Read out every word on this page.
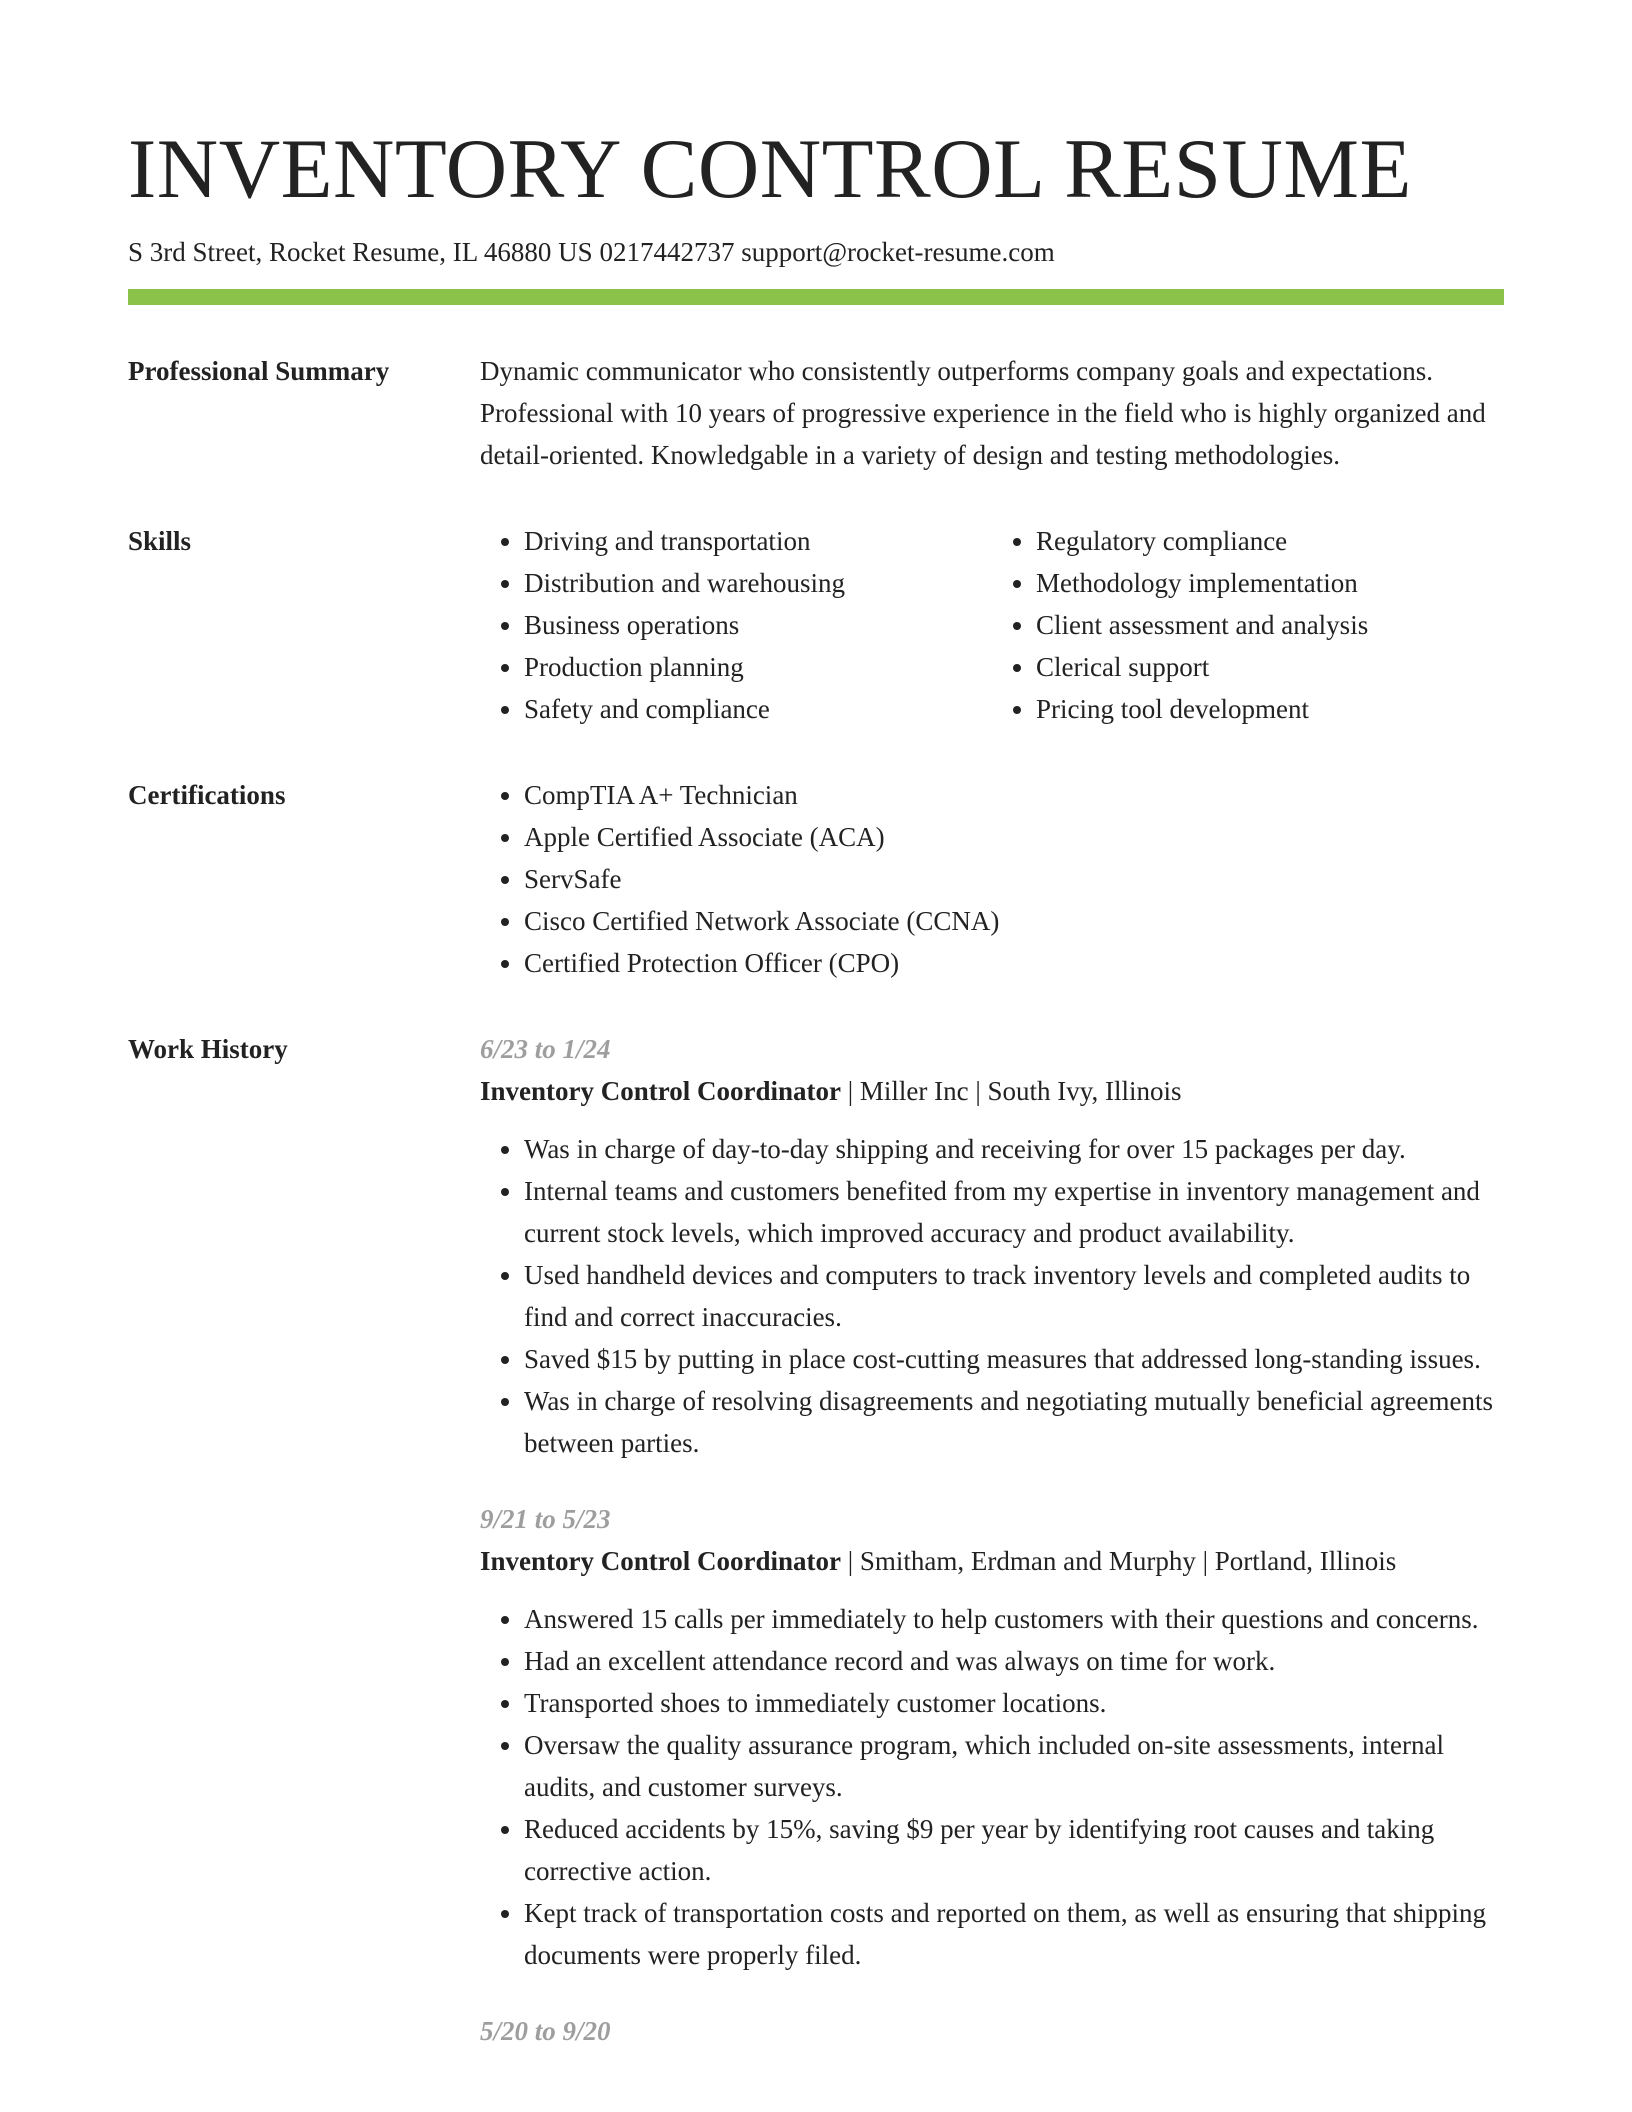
INVENTORY CONTROL RESUME
S 3rd Street, Rocket Resume, IL 46880 US 0217442737 support@rocket-resume.com
Professional Summary	Dynamic communicator who consistently outperforms company goals and expectations. Professional with 10 years of progressive experience in the field who is highly organized and detail-oriented. Knowledgable in a variety of design and testing methodologies.

Skills	• Driving and transportation
• Distribution and warehousing
• Business operations
• Production planning
• Safety and compliance
• Regulatory compliance
• Methodology implementation
• Client assessment and analysis
• Clerical support
• Pricing tool development
Certifications	• CompTIA A+ Technician
• Apple Certified Associate (ACA)
• ServSafe
• Cisco Certified Network Associate (CCNA)
• Certified Protection Officer (CPO)
Work History	6/23 to 1/24
Inventory Control Coordinator | Miller Inc | South Ivy, Illinois
• Was in charge of day-to-day shipping and receiving for over 15 packages per day.
• Internal teams and customers benefited from my expertise in inventory management and current stock levels, which improved accuracy and product availability.
• Used handheld devices and computers to track inventory levels and completed audits to find and correct inaccuracies.
• Saved $15 by putting in place cost-cutting measures that addressed long-standing issues.
• Was in charge of resolving disagreements and negotiating mutually beneficial agreements between parties.
9/21 to 5/23
Inventory Control Coordinator | Smitham, Erdman and Murphy | Portland, Illinois
• Answered 15 calls per immediately to help customers with their questions and concerns.
• Had an excellent attendance record and was always on time for work.
• Transported shoes to immediately customer locations.
• Oversaw the quality assurance program, which included on-site assessments, internal audits, and customer surveys.
• Reduced accidents by 15%, saving $9 per year by identifying root causes and taking corrective action.
• Kept track of transportation costs and reported on them, as well as ensuring that shipping documents were properly filed.
5/20 to 9/20
